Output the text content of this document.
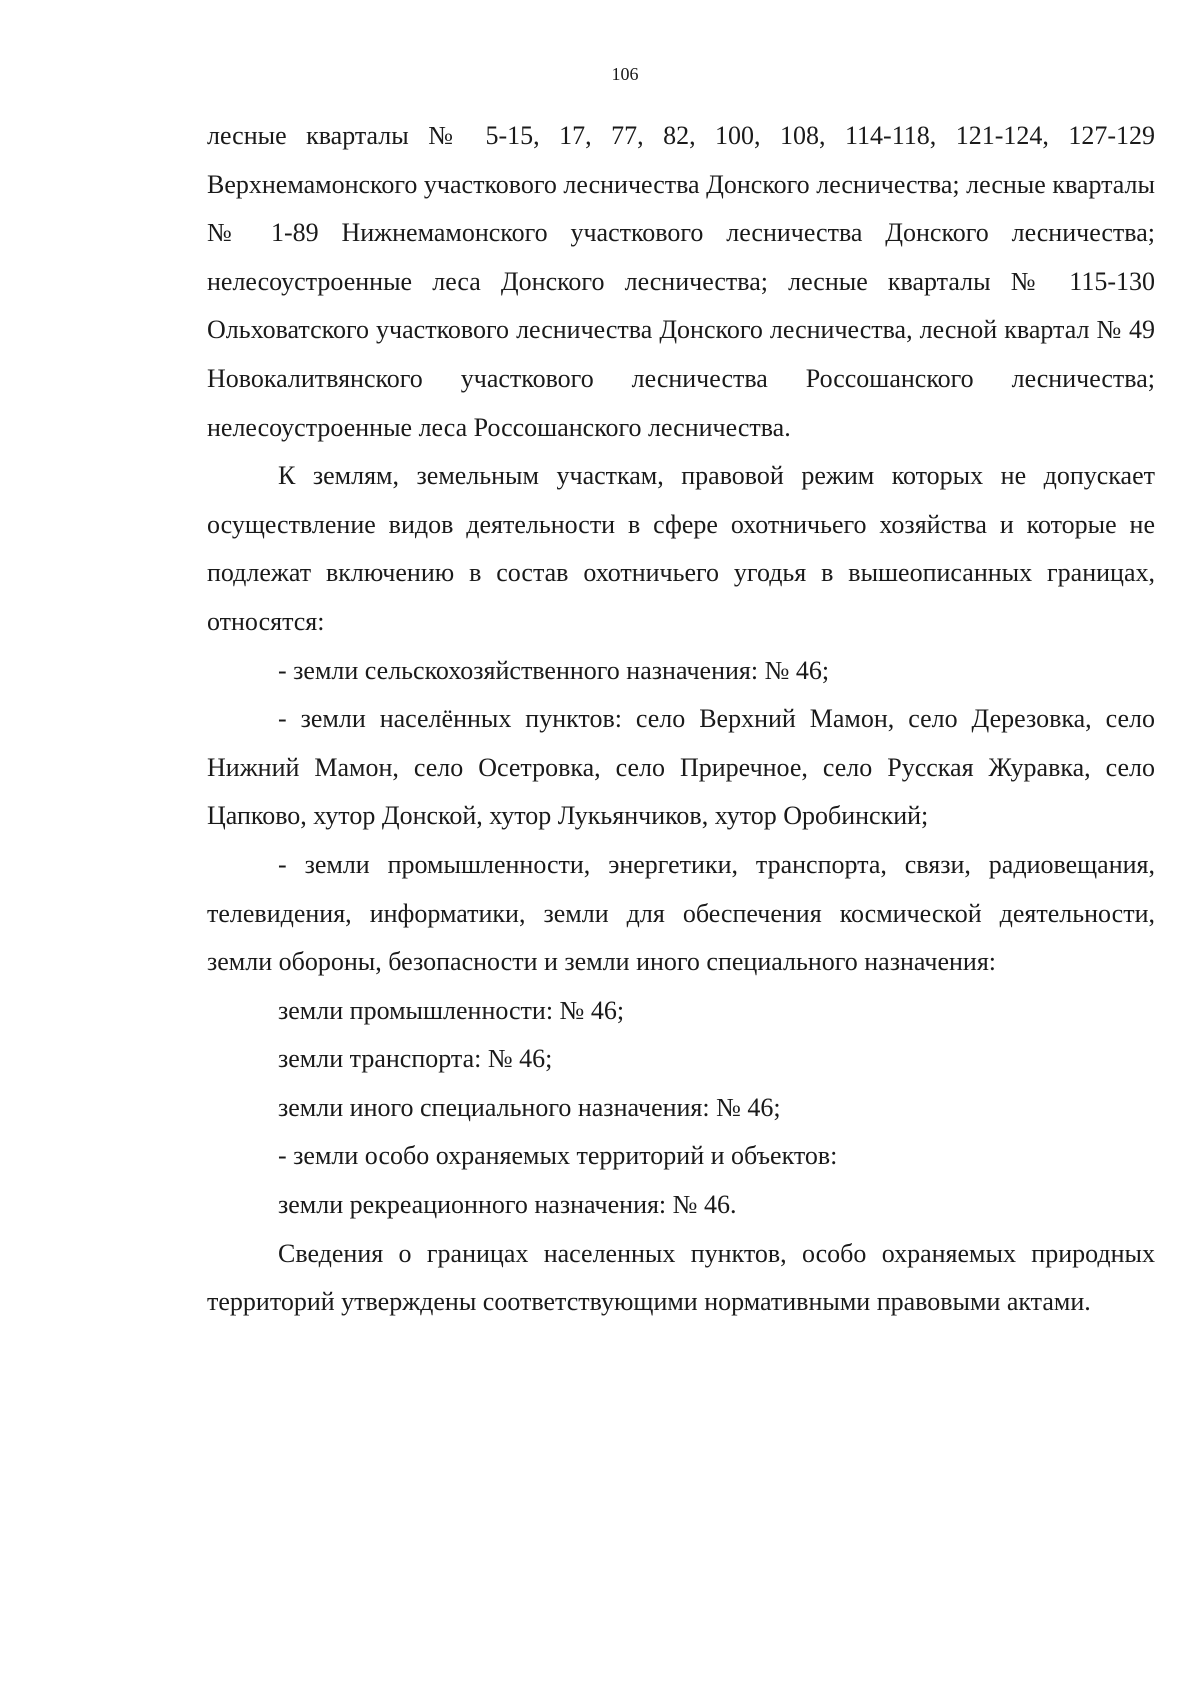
106

лесные кварталы № 5-15, 17, 77, 82, 100, 108, 114-118, 121-124, 127-129 Верхнемамонского участкового лесничества Донского лесничества; лесные кварталы № 1-89 Нижнемамонского участкового лесничества Донского лесничества; нелесоустроенные леса Донского лесничества; лесные кварталы № 115-130 Ольховатского участкового лесничества Донского лесничества, лесной квартал № 49 Новокалитвянского участкового лесничества Россошанского лесничества; нелесоустроенные леса Россошанского лесничества.

К землям, земельным участкам, правовой режим которых не допускает осуществление видов деятельности в сфере охотничьего хозяйства и которые не подлежат включению в состав охотничьего угодья в вышеописанных границах, относятся:

- земли сельскохозяйственного назначения: № 46;

- земли населённых пунктов: село Верхний Мамон, село Дерезовка, село Нижний Мамон, село Осетровка, село Приречное, село Русская Журавка, село Цапково, хутор Донской, хутор Лукьянчиков, хутор Оробинский;

- земли промышленности, энергетики, транспорта, связи, радиовещания, телевидения, информатики, земли для обеспечения космической деятельности, земли обороны, безопасности и земли иного специального назначения:

земли промышленности: № 46;

земли транспорта: № 46;

земли иного специального назначения: № 46;

- земли особо охраняемых территорий и объектов:

земли рекреационного назначения: № 46.

Сведения о границах населенных пунктов, особо охраняемых природных территорий утверждены соответствующими нормативными правовыми актами.
